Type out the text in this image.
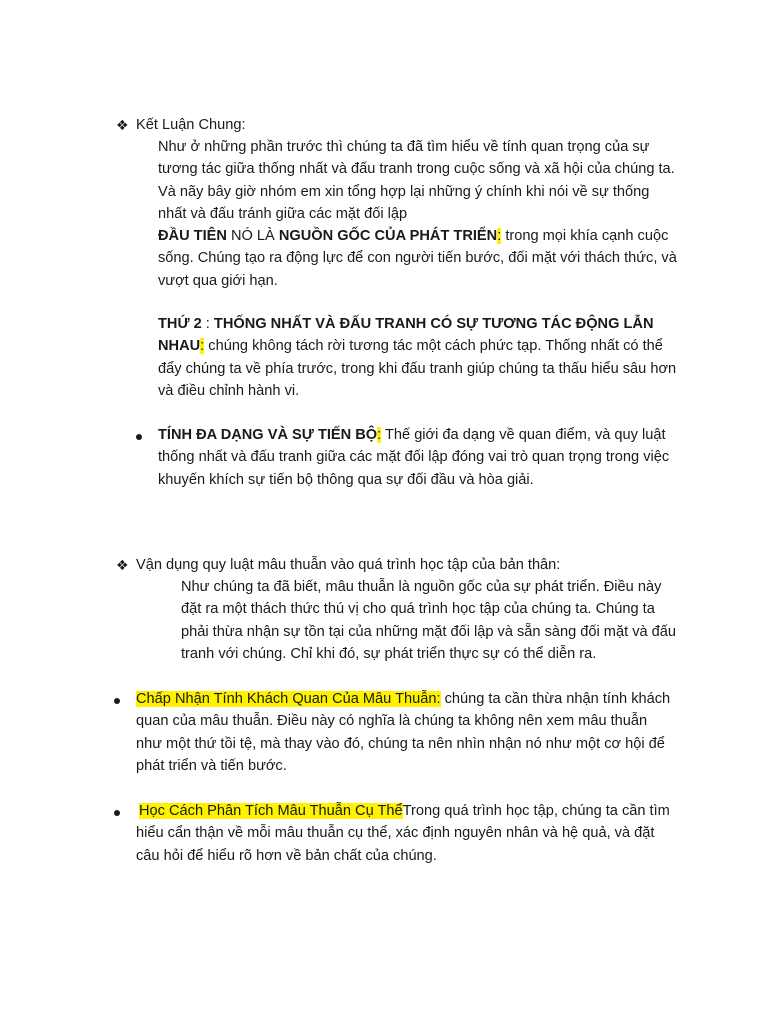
❖ Kết Luận Chung:
Như ở những phần trước thì chúng ta đã tìm hiểu về tính quan trọng của sự tương tác giữa thống nhất và đấu tranh trong cuộc sống và xã hội của chúng ta. Và nãy bây giờ nhóm em xin tổng hợp lại những ý chính khi nói về sự thống nhất và đấu tránh giữa các mặt đối lập
ĐẦU TIÊN NÓ LÀ NGUỒN GỐC CỦA PHÁT TRIỂN: trong mọi khía cạnh cuộc sống. Chúng tạo ra động lực để con người tiến bước, đối mặt với thách thức, và vượt qua giới hạn.
THỨ 2 : THỐNG NHẤT VÀ ĐẤU TRANH CÓ SỰ TƯƠNG TÁC ĐỘNG LẪN NHAU: chúng không tách rời tương tác một cách phức tạp. Thống nhất có thể đẩy chúng ta về phía trước, trong khi đấu tranh giúp chúng ta thấu hiểu sâu hơn và điều chỉnh hành vi.
TÍNH ĐA DẠNG VÀ SỰ TIẾN BỘ: Thế giới đa dạng về quan điểm, và quy luật thống nhất và đấu tranh giữa các mặt đối lập đóng vai trò quan trọng trong việc khuyến khích sự tiến bộ thông qua sự đối đầu và hòa giải.
❖ Vận dụng quy luật mâu thuẫn vào quá trình học tập của bản thân:
Như chúng ta đã biết, mâu thuẫn là nguồn gốc của sự phát triển. Điều này đặt ra một thách thức thú vị cho quá trình học tập của chúng ta. Chúng ta phải thừa nhận sự tồn tại của những mặt đối lập và sẵn sàng đối mặt và đấu tranh với chúng. Chỉ khi đó, sự phát triển thực sự có thể diễn ra.
Chấp Nhận Tính Khách Quan Của Mâu Thuẫn: chúng ta cần thừa nhận tính khách quan của mâu thuẫn. Điều này có nghĩa là chúng ta không nên xem mâu thuẫn như một thứ tồi tệ, mà thay vào đó, chúng ta nên nhìn nhận nó như một cơ hội để phát triển và tiến bước.
Học Cách Phân Tích Mâu Thuẫn Cụ ThểTrong quá trình học tập, chúng ta cần tìm hiểu cẩn thận về mỗi mâu thuẫn cụ thể, xác định nguyên nhân và hệ quả, và đặt câu hỏi để hiểu rõ hơn về bản chất của chúng.
